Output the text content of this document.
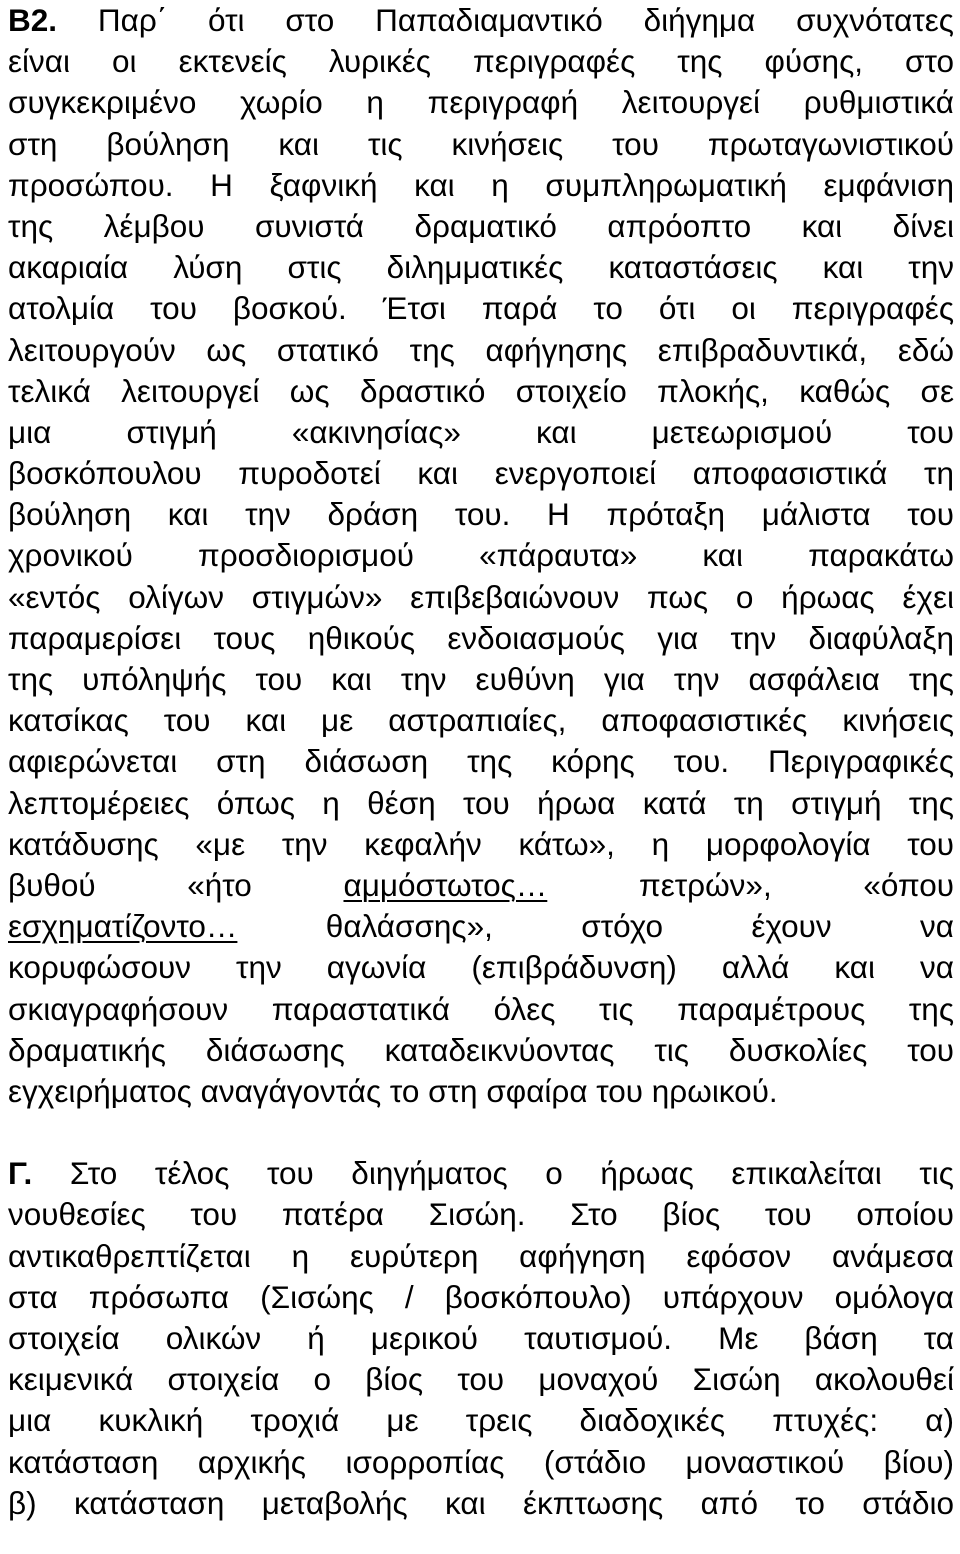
Β2. Παρ΄ ότι στο Παπαδιαμαντικό διήγημα συχνότατες
είναι οι εκτενείς λυρικές περιγραφές της φύσης, στο
συγκεκριμένο χωρίο η περιγραφή λειτουργεί ρυθμιστικά
στη βούληση και τις κινήσεις του πρωταγωνιστικού
προσώπου. Η ξαφνική και η συμπληρωματική εμφάνιση
της λέμβου συνιστά δραματικό απρόοπτο και δίνει
ακαριαία λύση στις διλημματικές καταστάσεις και την
ατολμία του βοσκού. Έτσι παρά το ότι οι περιγραφές
λειτουργούν ως στατικό της αφήγησης επιβραδυντικά, εδώ
τελικά λειτουργεί ως δραστικό στοιχείο πλοκής, καθώς σε
μια στιγμή «ακινησίας» και μετεωρισμού του
βοσκόπουλου πυροδοτεί και ενεργοποιεί αποφασιστικά τη
βούληση και την δράση του. Η πρόταξη μάλιστα του
χρονικού προσδιορισμού «πάραυτα» και παρακάτω
«εντός ολίγων στιγμών» επιβεβαιώνουν πως ο ήρωας έχει
παραμερίσει τους ηθικούς ενδοιασμούς για την διαφύλαξη
της υπόληψής του και την ευθύνη για την ασφάλεια της
κατσίκας του και με αστραπιαίες, αποφασιστικές κινήσεις
αφιερώνεται στη διάσωση της κόρης του. Περιγραφικές
λεπτομέρειες όπως η θέση του ήρωα κατά τη στιγμή της
κατάδυσης «με την κεφαλήν κάτω», η μορφολογία του
βυθού «ήτο αμμόστωτος… πετρών», «όπου
εσχηματίζοντο… θαλάσσης», στόχο έχουν να
κορυφώσουν την αγωνία (επιβράδυνση) αλλά και να
σκιαγραφήσουν παραστατικά όλες τις παραμέτρους της
δραματικής διάσωσης καταδεικνύοντας τις δυσκολίες του
εγχειρήματος αναγάγοντάς το στη σφαίρα του ηρωικού.
Γ. Στο τέλος του διηγήματος ο ήρωας επικαλείται τις
νουθεσίες του πατέρα Σισώη. Στο βίος του οποίου
αντικαθρεπτίζεται η ευρύτερη αφήγηση εφόσον ανάμεσα
στα πρόσωπα (Σισώης / βοσκόπουλο) υπάρχουν ομόλογα
στοιχεία ολικών ή μερικού ταυτισμού. Με βάση τα
κειμενικά στοιχεία ο βίος του μοναχού Σισώη ακολουθεί
μια κυκλική τροχιά με τρεις διαδοχικές πτυχές: α)
κατάσταση αρχικής ισορροπίας (στάδιο μοναστικού βίου)
β) κατάσταση μεταβολής και έκπτωσης από το στάδιο
